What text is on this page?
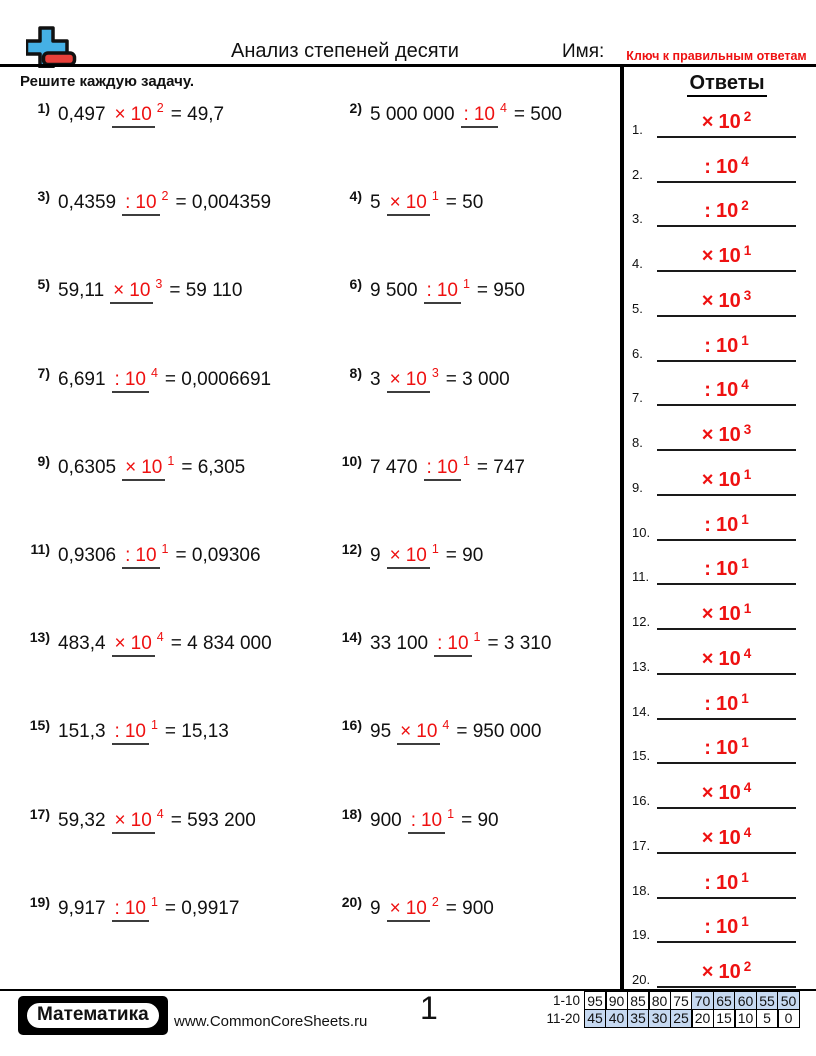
Анализ степеней десяти	Имя:	Ключ к правильным ответам
Решите каждую задачу.
1) 0,497 × 10 2 = 49,7	2) 5 000 000 : 10 4 = 500
3) 0,4359 : 10 2 = 0,004359	4) 5 × 10 1 = 50
5) 59,11 × 10 3 = 59 110	6) 9 500 : 10 1 = 950
7) 6,691 : 10 4 = 0,0006691	8) 3 × 10 3 = 3 000
9) 0,6305 × 10 1 = 6,305	10) 7 470 : 10 1 = 747
11) 0,9306 : 10 1 = 0,09306	12) 9 × 10 1 = 90
13) 483,4 × 10 4 = 4 834 000	14) 33 100 : 10 1 = 3 310
15) 151,3 : 10 1 = 15,13	16) 95 × 10 4 = 950 000
17) 59,32 × 10 4 = 593 200	18) 900 : 10 1 = 90
19) 9,917 : 10 1 = 0,9917	20) 9 × 10 2 = 900
Ответы
1.	× 10 2
2.	: 10 4
3.	: 10 2
4.	× 10 1
5.	× 10 3
6.	: 10 1
7.	: 10 4
8.	× 10 3
9.	× 10 1
10.	: 10 1
11.	: 10 1
12.	× 10 1
13.	× 10 4
14.	: 10 1
15.	: 10 1
16.	× 10 4
17.	× 10 4
18.	: 10 1
19.	: 10 1
20.	× 10 2
Математика	www.CommonCoreSheets.ru 1	1-10 95 90 85 80 75 70 65 60 55 50
11-20 45 40 35 30 25 20 15 10 5 0
